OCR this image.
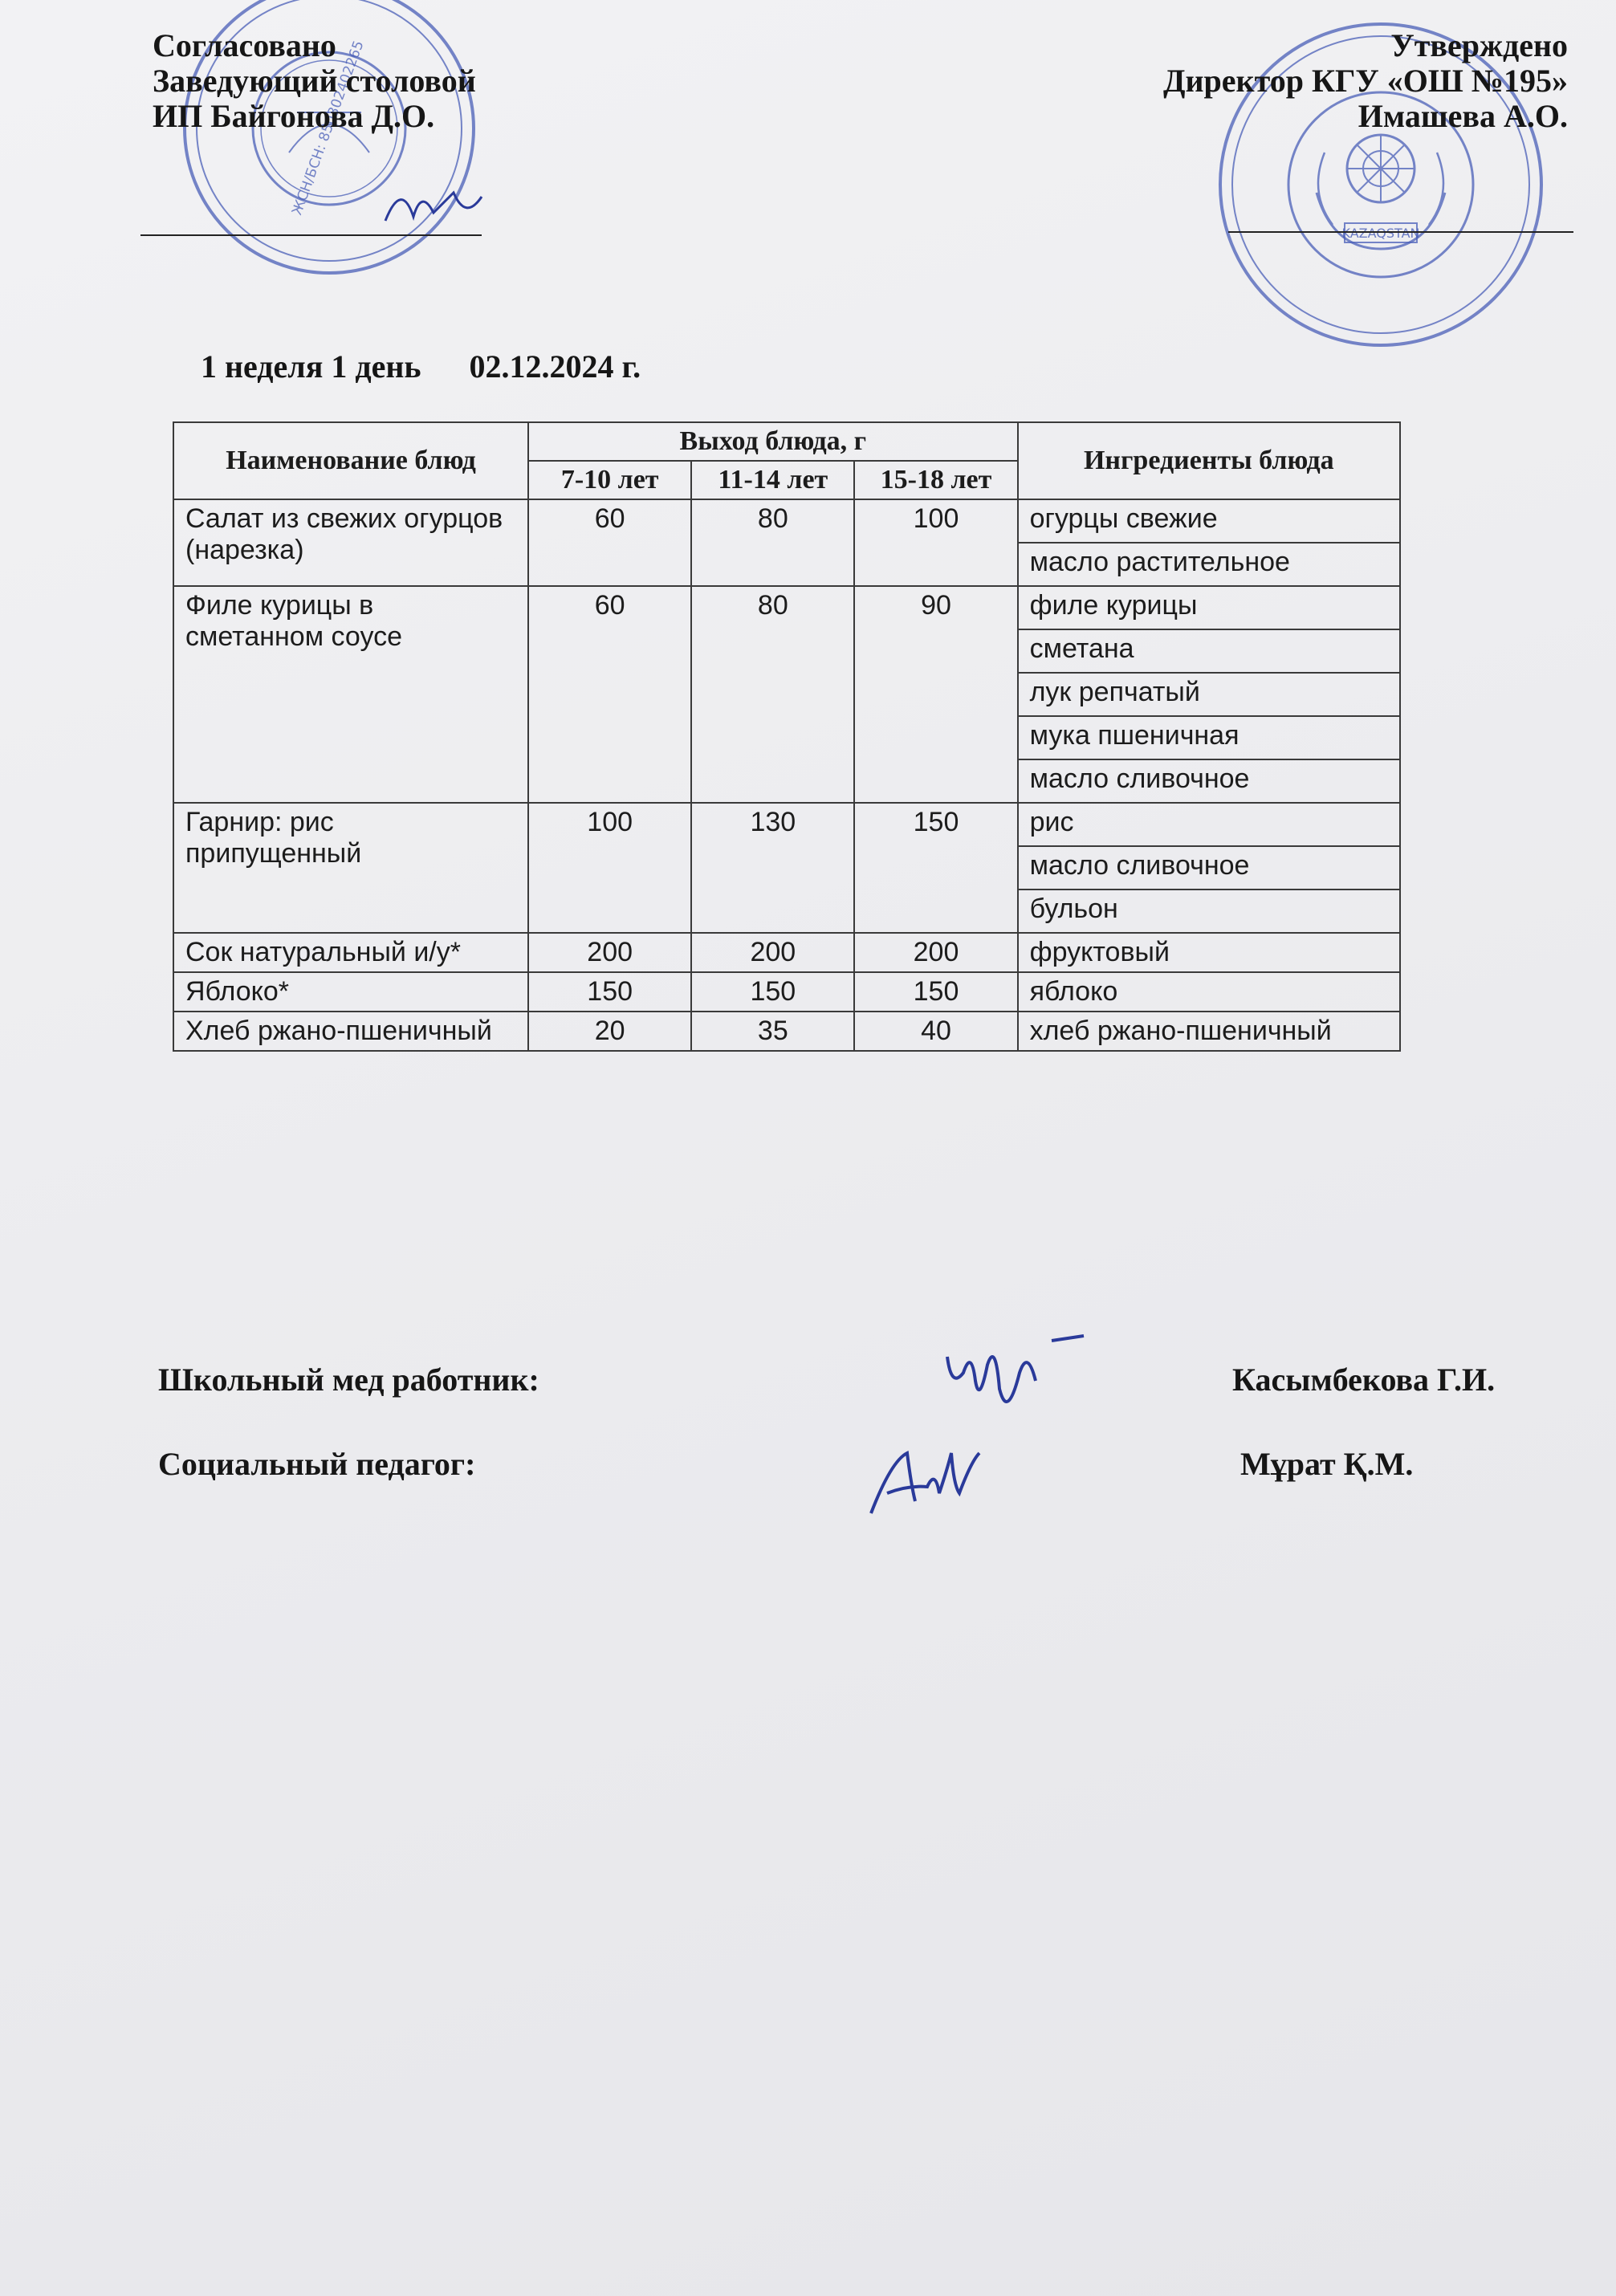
ЖСН/БСН: 850302402265
KAZAQSTAN
Согласовано
Заведующий столовой
ИП Байгонова Д.О.
Утверждено
Директор КГУ «ОШ №195»
Имашева А.О.
1 неделя 1 день 02.12.2024 г.
Наименование блюд	Выход блюда, г			Ингредиенты блюда
	7-10 лет	11-14 лет	15-18 лет	
Салат из свежих огурцов (нарезка)	60	80	100	огурцы свежие
				масло растительное
Филе курицы в сметанном соусе	60	80	90	филе курицы
				сметана
				лук репчатый
				мука пшеничная
				масло сливочное
Гарнир: рис припущенный	100	130	150	рис
				масло сливочное
				бульон
Сок натуральный и/у*	200	200	200	фруктовый
Яблоко*	150	150	150	яблоко
Хлеб ржано-пшеничный	20	35	40	хлеб ржано-пшеничный
Школьный мед работник:	Касымбекова Г.И.
Социальный педагог:	Мұрат Қ.М.
